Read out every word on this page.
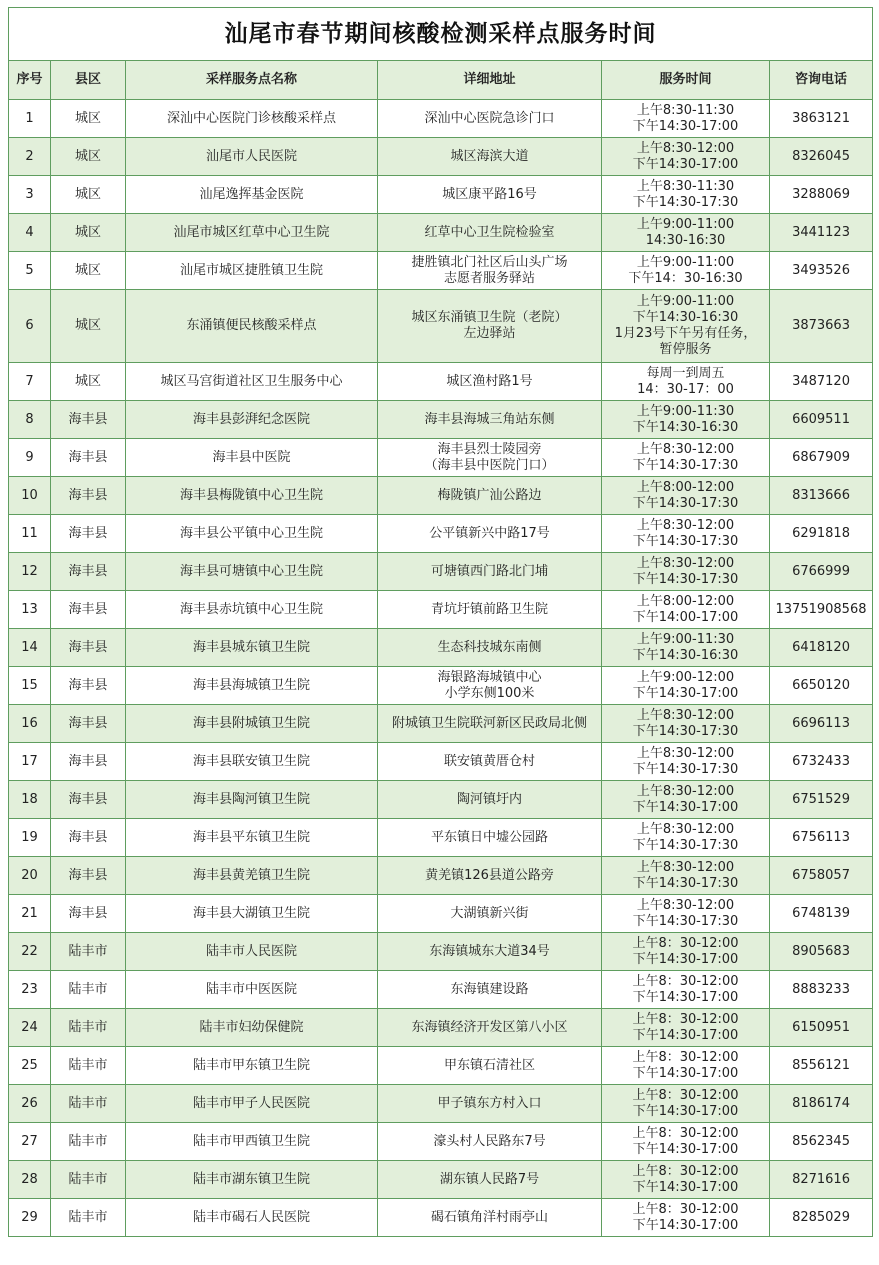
汕尾市春节期间核酸检测采样点服务时间					
序号	县区	采样服务点名称	详细地址	服务时间	咨询电话
1	城区	深汕中心医院门诊核酸采样点	深汕中心医院急诊门口	上午8:30-11:30
下午14:30-17:00	3863121
2	城区	汕尾市人民医院	城区海滨大道	上午8:30-12:00
下午14:30-17:00	8326045
3	城区	汕尾逸挥基金医院	城区康平路16号	上午8:30-11:30
下午14:30-17:30	3288069
4	城区	汕尾市城区红草中心卫生院	红草中心卫生院检验室	上午9:00-11:00
14:30-16:30	3441123
5	城区	汕尾市城区捷胜镇卫生院	捷胜镇北门社区后山头广场
志愿者服务驿站	上午9:00-11:00
下午14：30-16:30	3493526
6	城区	东涌镇便民核酸采样点	城区东涌镇卫生院（老院）
左边驿站	上午9:00-11:00
下午14:30-16:30
1月23号下午另有任务，
暂停服务	3873663
7	城区	城区马宫街道社区卫生服务中心	城区渔村路1号	每周一到周五
14：30-17：00	3487120
8	海丰县	海丰县彭湃纪念医院	海丰县海城三角站东侧	上午9:00-11:30
下午14:30-16:30	6609511
9	海丰县	海丰县中医院	海丰县烈士陵园旁
（海丰县中医院门口）	上午8:30-12:00
下午14:30-17:30	6867909
10	海丰县	海丰县梅陇镇中心卫生院	梅陇镇广汕公路边	上午8:00-12:00
下午14:30-17:30	8313666
11	海丰县	海丰县公平镇中心卫生院	公平镇新兴中路17号	上午8:30-12:00
下午14:30-17:30	6291818
12	海丰县	海丰县可塘镇中心卫生院	可塘镇西门路北门埔	上午8:30-12:00
下午14:30-17:30	6766999
13	海丰县	海丰县赤坑镇中心卫生院	青坑圩镇前路卫生院	上午8:00-12:00
下午14:00-17:00	13751908568
14	海丰县	海丰县城东镇卫生院	生态科技城东南侧	上午9:00-11:30
下午14:30-16:30	6418120
15	海丰县	海丰县海城镇卫生院	海银路海城镇中心
小学东侧100米	上午9:00-12:00
下午14:30-17:00	6650120
16	海丰县	海丰县附城镇卫生院	附城镇卫生院联河新区民政局北侧	上午8:30-12:00
下午14:30-17:30	6696113
17	海丰县	海丰县联安镇卫生院	联安镇黄厝仓村	上午8:30-12:00
下午14:30-17:30	6732433
18	海丰县	海丰县陶河镇卫生院	陶河镇圩内	上午8:30-12:00
下午14:30-17:00	6751529
19	海丰县	海丰县平东镇卫生院	平东镇日中墟公园路	上午8:30-12:00
下午14:30-17:30	6756113
20	海丰县	海丰县黄羌镇卫生院	黄羌镇126县道公路旁	上午8:30-12:00
下午14:30-17:30	6758057
21	海丰县	海丰县大湖镇卫生院	大湖镇新兴街	上午8:30-12:00
下午14:30-17:30	6748139
22	陆丰市	陆丰市人民医院	东海镇城东大道34号	上午8：30-12:00
下午14:30-17:00	8905683
23	陆丰市	陆丰市中医医院	东海镇建设路	上午8：30-12:00
下午14:30-17:00	8883233
24	陆丰市	陆丰市妇幼保健院	东海镇经济开发区第八小区	上午8：30-12:00
下午14:30-17:00	6150951
25	陆丰市	陆丰市甲东镇卫生院	甲东镇石清社区	上午8：30-12:00
下午14:30-17:00	8556121
26	陆丰市	陆丰市甲子人民医院	甲子镇东方村入口	上午8：30-12:00
下午14:30-17:00	8186174
27	陆丰市	陆丰市甲西镇卫生院	濠头村人民路东7号	上午8：30-12:00
下午14:30-17:00	8562345
28	陆丰市	陆丰市湖东镇卫生院	湖东镇人民路7号	上午8：30-12:00
下午14:30-17:00	8271616
29	陆丰市	陆丰市碣石人民医院	碣石镇角洋村雨亭山	上午8：30-12:00
下午14:30-17:00	8285029
